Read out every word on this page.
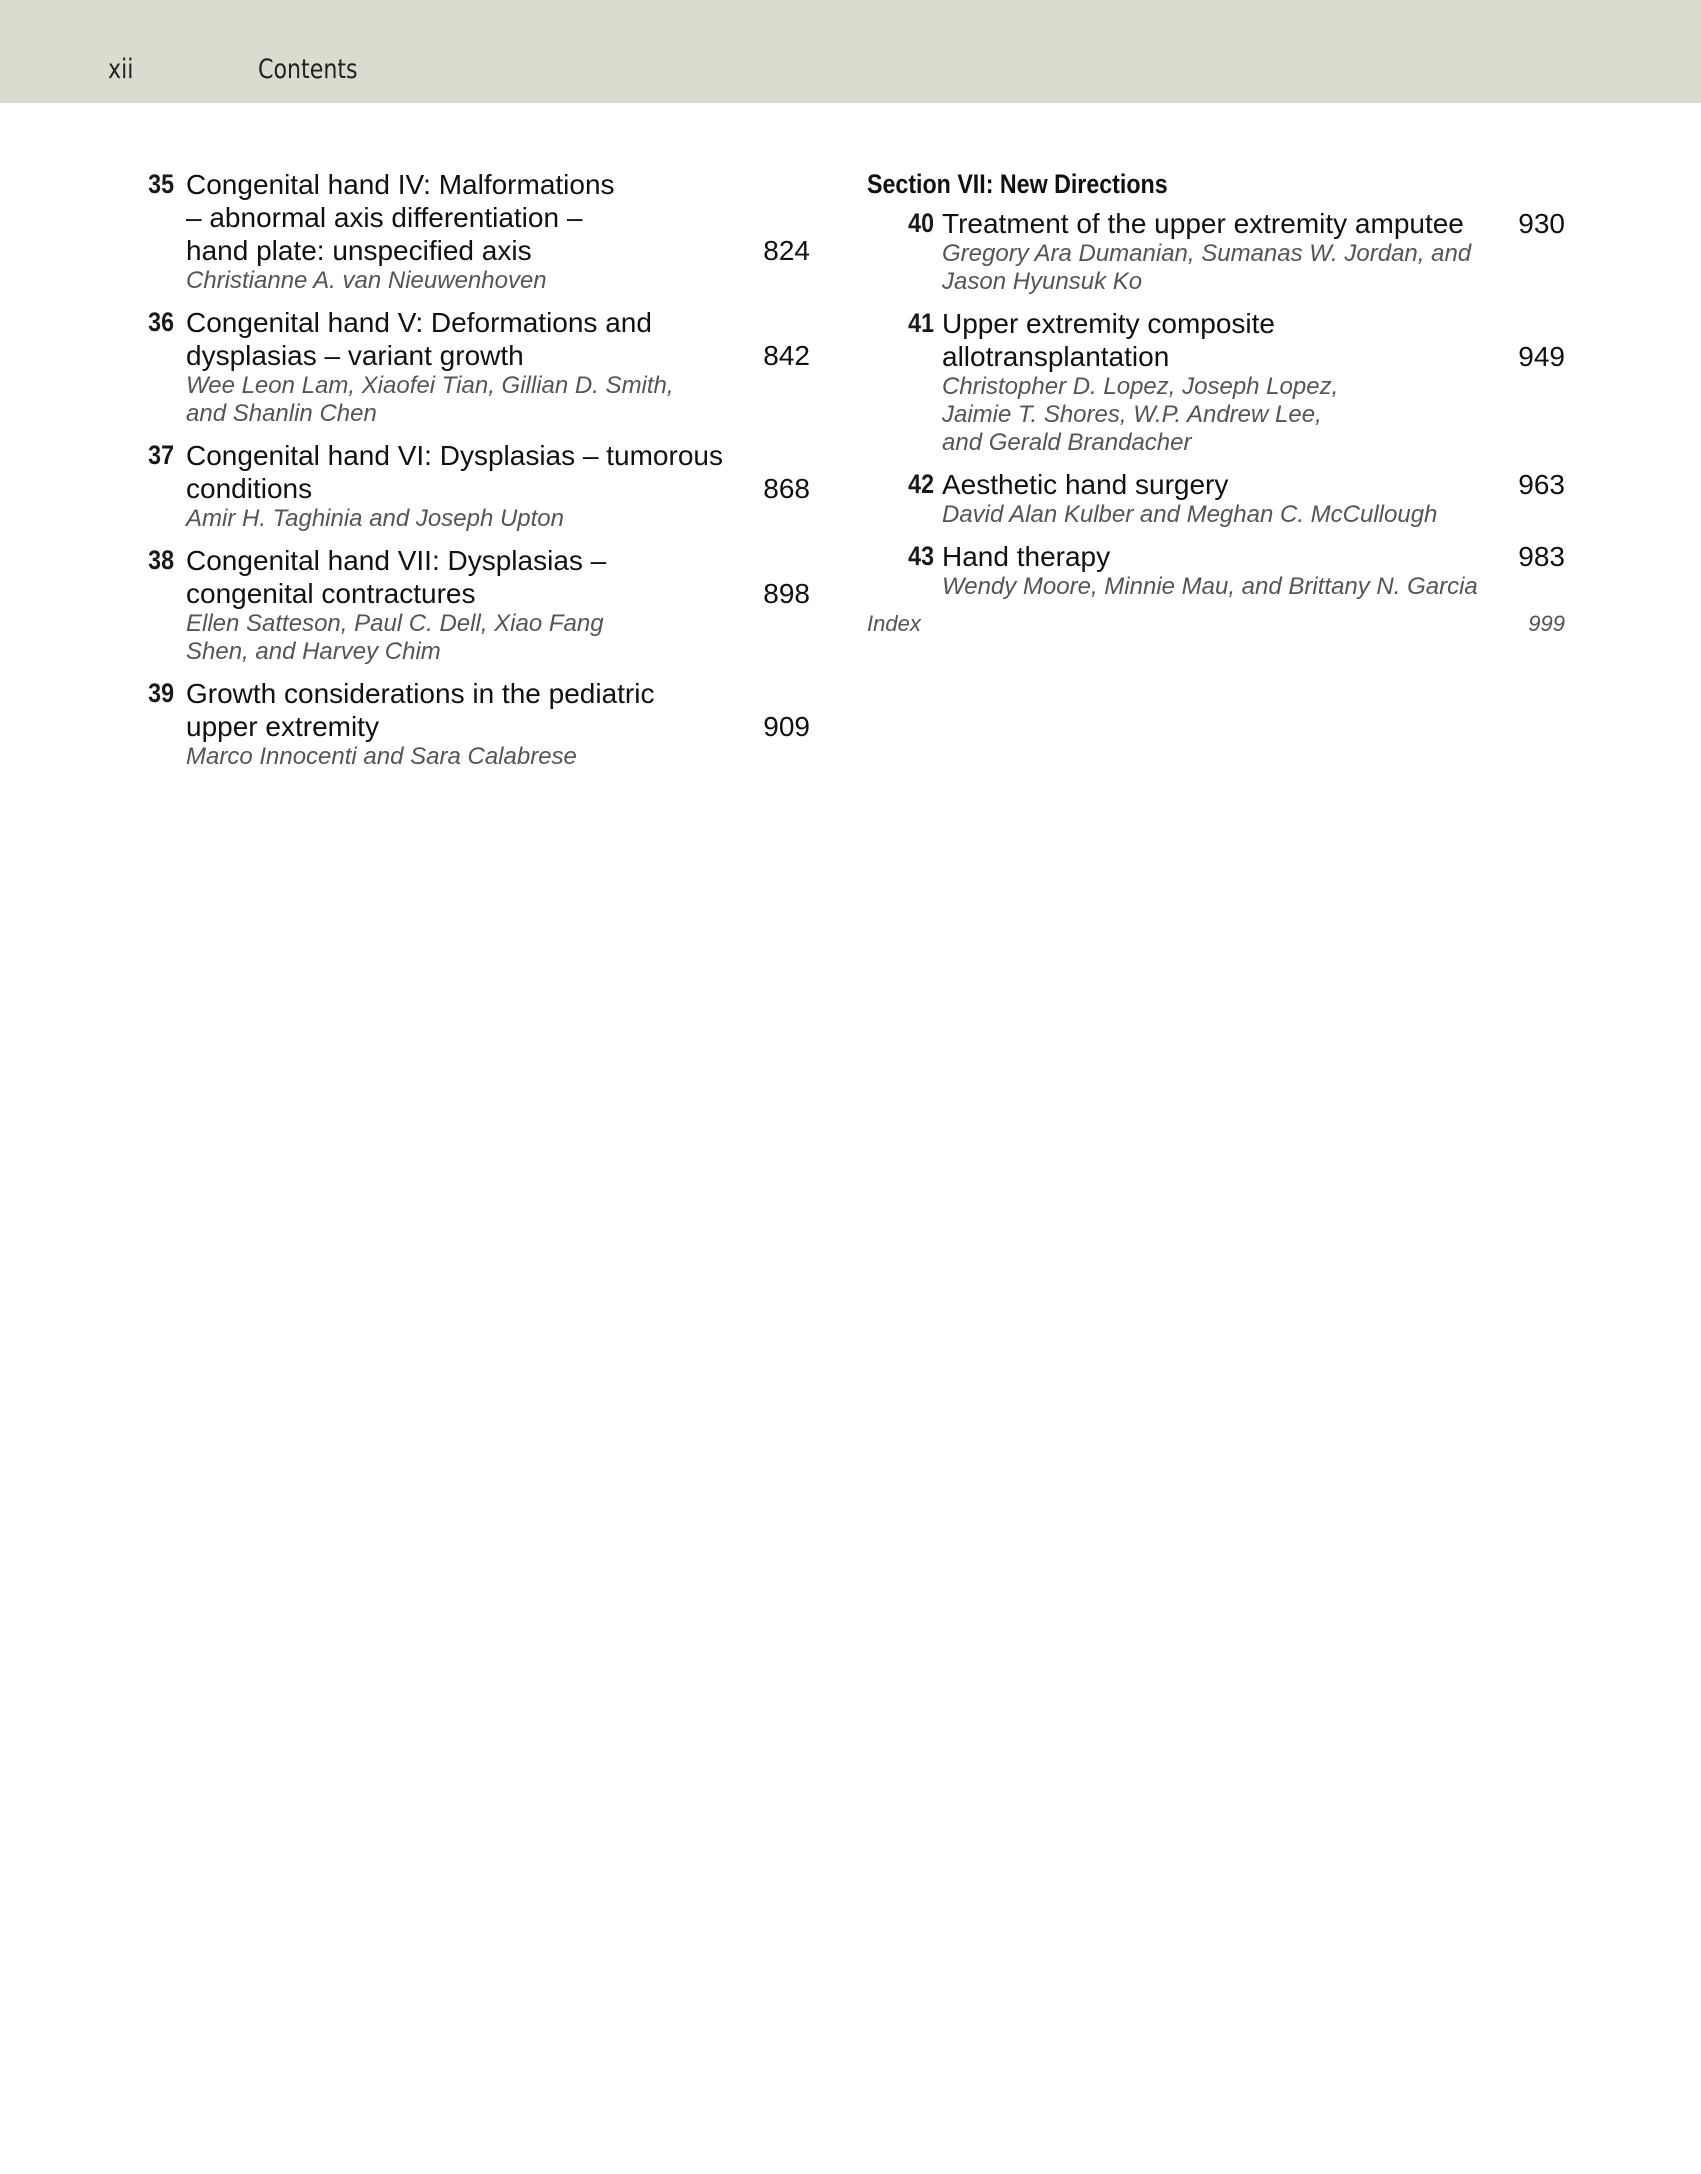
xii	Contents
35 Congenital hand IV: Malformations – abnormal axis differentiation – hand plate: unspecified axis	824
Christianne A. van Nieuwenhoven
36 Congenital hand V: Deformations and dysplasias – variant growth	842
Wee Leon Lam, Xiaofei Tian, Gillian D. Smith, and Shanlin Chen
37 Congenital hand VI: Dysplasias – tumorous conditions	868
Amir H. Taghinia and Joseph Upton
38 Congenital hand VII: Dysplasias – congenital contractures	898
Ellen Satteson, Paul C. Dell, Xiao Fang Shen, and Harvey Chim
39 Growth considerations in the pediatric upper extremity	909
Marco Innocenti and Sara Calabrese
Section VII: New Directions
40 Treatment of the upper extremity amputee 930
Gregory Ara Dumanian, Sumanas W. Jordan, and Jason Hyunsuk Ko
41 Upper extremity composite allotransplantation	949
Christopher D. Lopez, Joseph Lopez, Jaimie T. Shores, W.P. Andrew Lee, and Gerald Brandacher
42 Aesthetic hand surgery	963
David Alan Kulber and Meghan C. McCullough
43 Hand therapy	983
Wendy Moore, Minnie Mau, and Brittany N. Garcia
Index	999
